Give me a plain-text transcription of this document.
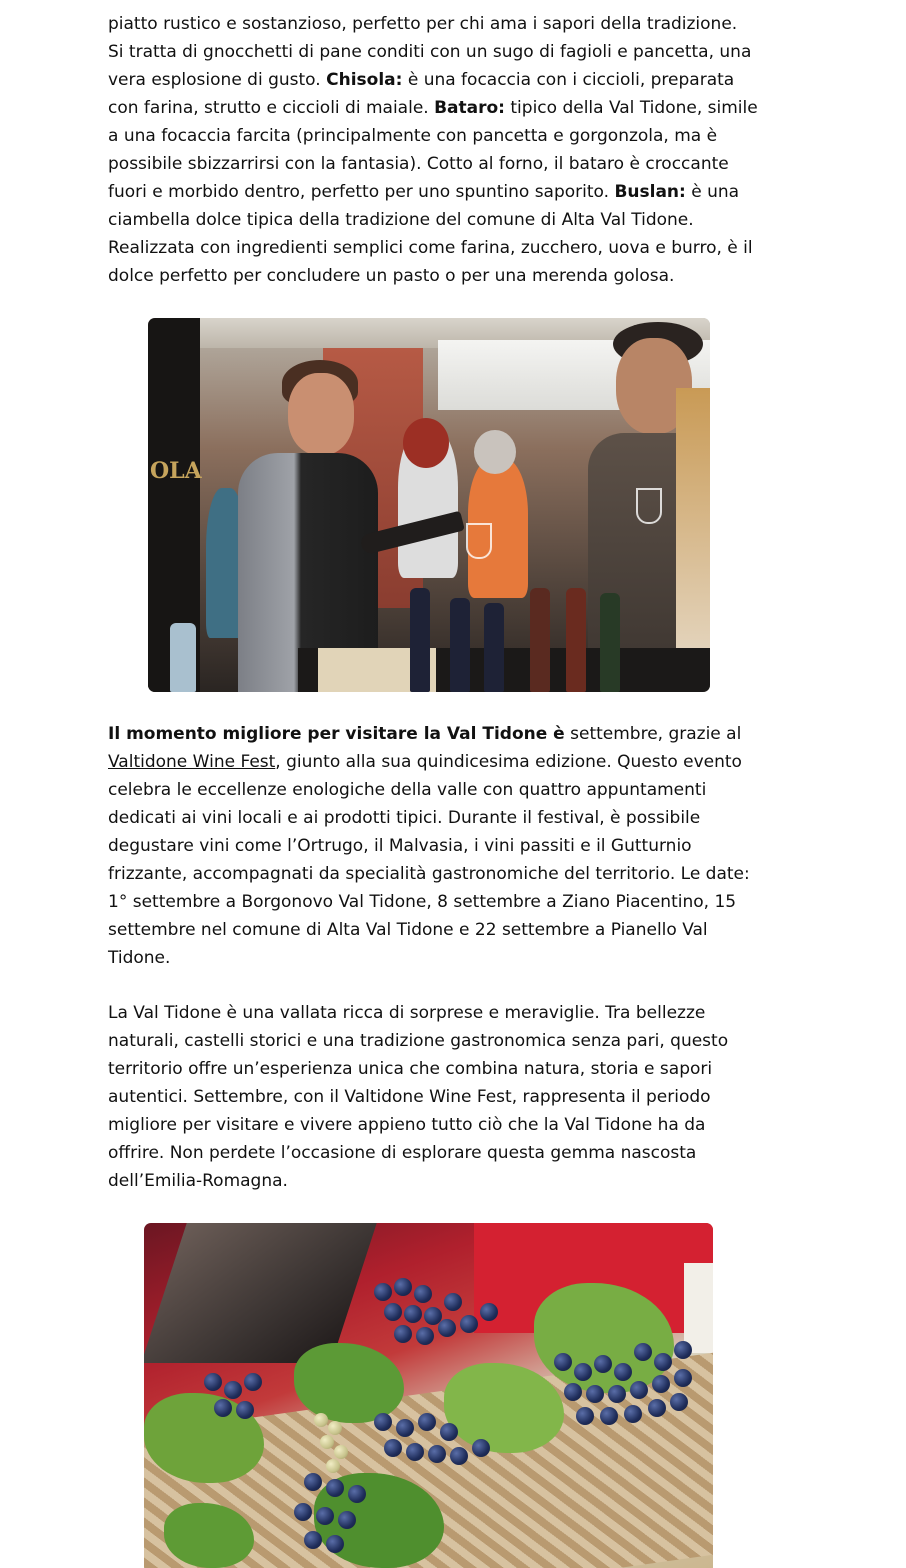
piatto rustico e sostanzioso, perfetto per chi ama i sapori della tradizione. Si tratta di gnocchetti di pane conditi con un sugo di fagioli e pancetta, una vera esplosione di gusto. Chisola: è una focaccia con i ciccioli, preparata con farina, strutto e ciccioli di maiale. Bataro: tipico della Val Tidone, simile a una focaccia farcita (principalmente con pancetta e gorgonzola, ma è possibile sbizzarrirsi con la fantasia). Cotto al forno, il bataro è croccante fuori e morbido dentro, perfetto per uno spuntino saporito. Buslan: è una ciambella dolce tipica della tradizione del comune di Alta Val Tidone. Realizzata con ingredienti semplici come farina, zucchero, uova e burro, è il dolce perfetto per concludere un pasto o per una merenda golosa.

OLA

Il momento migliore per visitare la Val Tidone è settembre, grazie al Valtidone Wine Fest, giunto alla sua quindicesima edizione. Questo evento celebra le eccellenze enologiche della valle con quattro appuntamenti dedicati ai vini locali e ai prodotti tipici. Durante il festival, è possibile degustare vini come l’Ortrugo, il Malvasia, i vini passiti e il Gutturnio frizzante, accompagnati da specialità gastronomiche del territorio. Le date: 1° settembre a Borgonovo Val Tidone, 8 settembre a Ziano Piacentino, 15 settembre nel comune di Alta Val Tidone e 22 settembre a Pianello Val Tidone.

La Val Tidone è una vallata ricca di sorprese e meraviglie. Tra bellezze naturali, castelli storici e una tradizione gastronomica senza pari, questo territorio offre un’esperienza unica che combina natura, storia e sapori autentici. Settembre, con il Valtidone Wine Fest, rappresenta il periodo migliore per visitare e vivere appieno tutto ciò che la Val Tidone ha da offrire. Non perdete l’occasione di esplorare questa gemma nascosta dell’Emilia-Romagna.
